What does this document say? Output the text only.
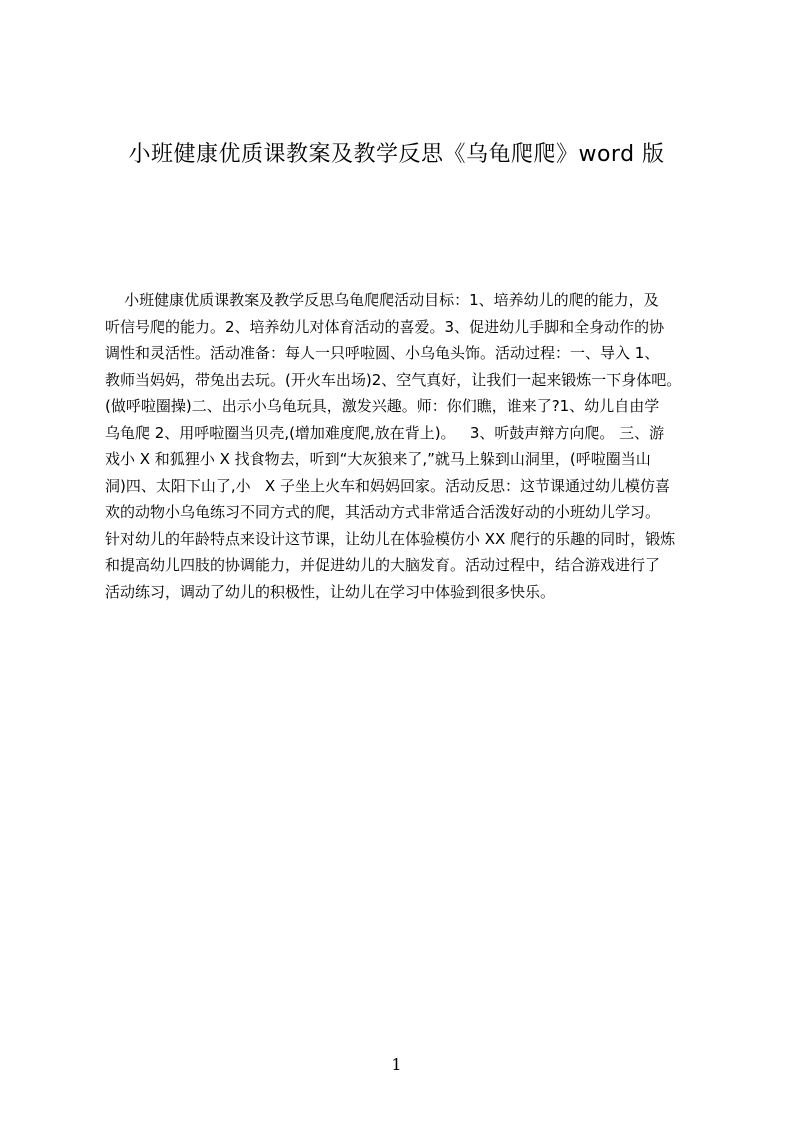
小班健康优质课教案及教学反思《乌龟爬爬》word 版
小班健康优质课教案及教学反思乌龟爬爬活动目标：1、培养幼儿的爬的能力，及
听信号爬的能力。2、培养幼儿对体育活动的喜爱。3、促进幼儿手脚和全身动作的协
调性和灵活性。活动准备：每人一只呼啦圆、小乌龟头饰。活动过程：一、导入 1、
教师当妈妈，带兔出去玩。(开火车出场)2、空气真好，让我们一起来锻炼一下身体吧。
(做呼啦圈操)二、出示小乌龟玩具，激发兴趣。师：你们瞧，谁来了?1、幼儿自由学
乌龟爬 2、用呼啦圈当贝壳,(增加难度爬,放在背上)。   3、听鼓声辩方向爬。 三、游
戏小 X 和狐狸小 X 找食物去，听到“大灰狼来了,”就马上躲到山洞里，(呼啦圈当山
洞)四、太阳下山了,小   X 子坐上火车和妈妈回家。活动反思：这节课通过幼儿模仿喜
欢的动物小乌龟练习不同方式的爬，其活动方式非常适合活泼好动的小班幼儿学习。
针对幼儿的年龄特点来设计这节课，让幼儿在体验模仿小 XX 爬行的乐趣的同时，锻炼
和提高幼儿四肢的协调能力，并促进幼儿的大脑发育。活动过程中，结合游戏进行了
活动练习，调动了幼儿的积极性，让幼儿在学习中体验到很多快乐。
1
